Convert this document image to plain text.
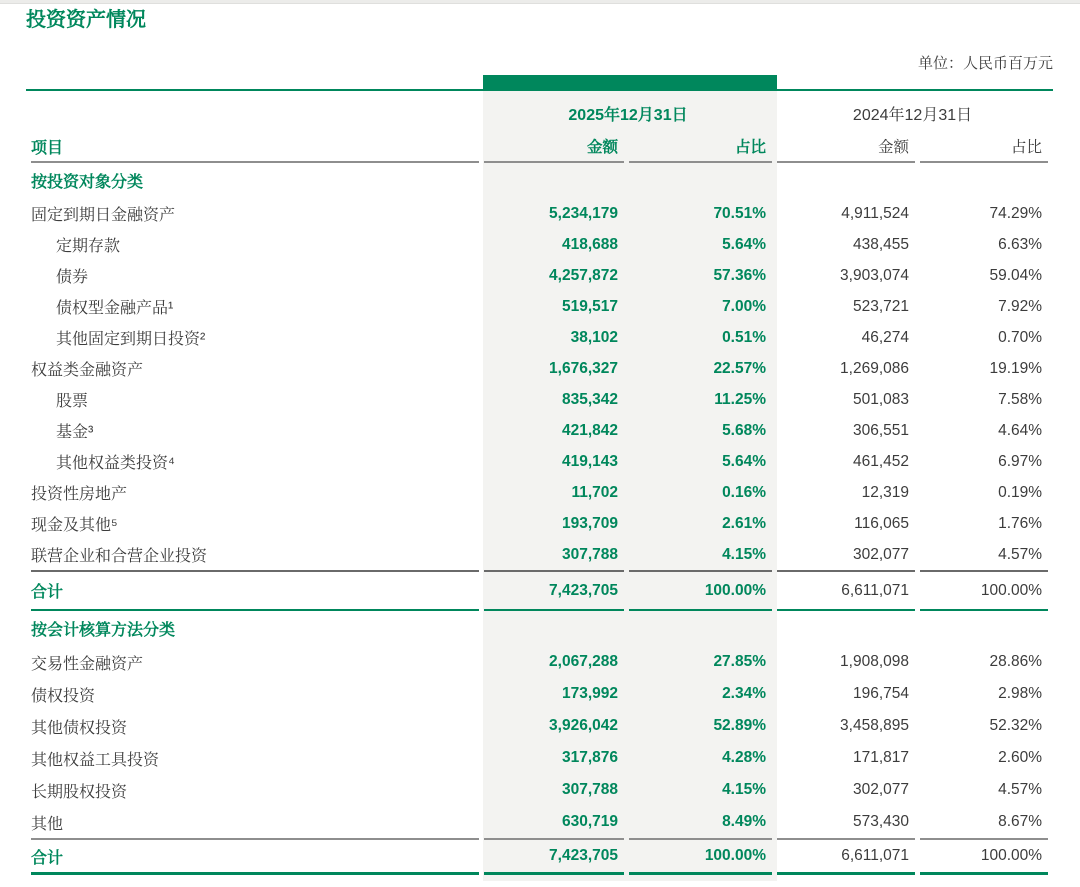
投资资产情况
单位：人民币百万元
	2025年12月31日		2024年12月31日	
项目	金额	占比	金额	占比
按投资对象分类				
固定到期日金融资产	5,234,179	70.51%	4,911,524	74.29%
定期存款	418,688	5.64%	438,455	6.63%
债券	4,257,872	57.36%	3,903,074	59.04%
债权型金融产品¹	519,517	7.00%	523,721	7.92%
其他固定到期日投资²	38,102	0.51%	46,274	0.70%
权益类金融资产	1,676,327	22.57%	1,269,086	19.19%
股票	835,342	11.25%	501,083	7.58%
基金³	421,842	5.68%	306,551	4.64%
其他权益类投资⁴	419,143	5.64%	461,452	6.97%
投资性房地产	11,702	0.16%	12,319	0.19%
现金及其他⁵	193,709	2.61%	116,065	1.76%
联营企业和合营企业投资	307,788	4.15%	302,077	4.57%
合计	7,423,705	100.00%	6,611,071	100.00%
按会计核算方法分类				
交易性金融资产	2,067,288	27.85%	1,908,098	28.86%
债权投资	173,992	2.34%	196,754	2.98%
其他债权投资	3,926,042	52.89%	3,458,895	52.32%
其他权益工具投资	317,876	4.28%	171,817	2.60%
长期股权投资	307,788	4.15%	302,077	4.57%
其他	630,719	8.49%	573,430	8.67%
合计	7,423,705	100.00%	6,611,071	100.00%
